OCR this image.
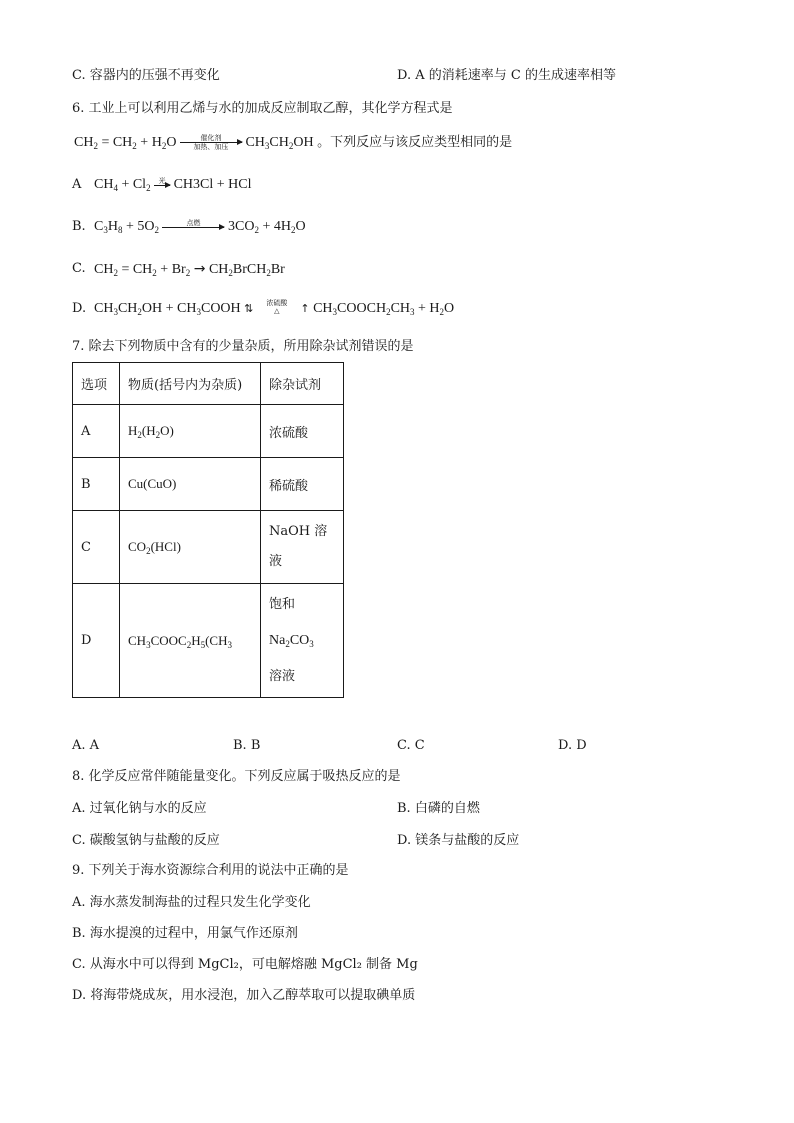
C. 容器内的压强不再变化	D. A 的消耗速率与 C 的生成速率相等
6. 工业上可以利用乙烯与水的加成反应制取乙醇，其化学方程式是
$CH_2 = CH_2 + H_2O$	催化剂
加热、加压	$CH_3CH_2OH$ 。下列反应与该反应类型相同的是
A $CH_4 + Cl_2$
光 CH3Cl + HCl
B. $C_3H_8 + 5O_2$
点燃	$3CO_2 + 4H_2O$
C. $CH_2 = CH_2 + Br_2$ → $CH_2BrCH_2Br$
D. $CH_3CH_2OH$ + $CH_3COOH$ ⇅	浓硫酸
△	↑ $CH_3COOCH_2CH_3 + H_2O$
7. 除去下列物质中含有的少量杂质，所用除杂试剂错误的是
选项	物质(括号内为杂质)	除杂试剂
A	$H_2(H_2O)$	浓硫酸
B	Cu(CuO)	稀硫酸
C	$CO_2(HCl)$	NaOH 溶
液

D	$CH_3COOC_2H_5(CH_3$	饱和
$Na_2CO_3$
溶液
A. A	B. B	C. C	D. D
8. 化学反应常伴随能量变化。下列反应属于吸热反应的是
A. 过氧化钠与水的反应	B. 白磷的自燃
C. 碳酸氢钠与盐酸的反应	D. 镁条与盐酸的反应
9. 下列关于海水资源综合利用的说法中正确的是
A. 海水蒸发制海盐的过程只发生化学变化
B. 海水提溴的过程中，用氯气作还原剂
C. 从海水中可以得到 MgCl₂，可电解熔融 MgCl₂ 制备 Mg
D. 将海带烧成灰，用水浸泡，加入乙醇萃取可以提取碘单质
